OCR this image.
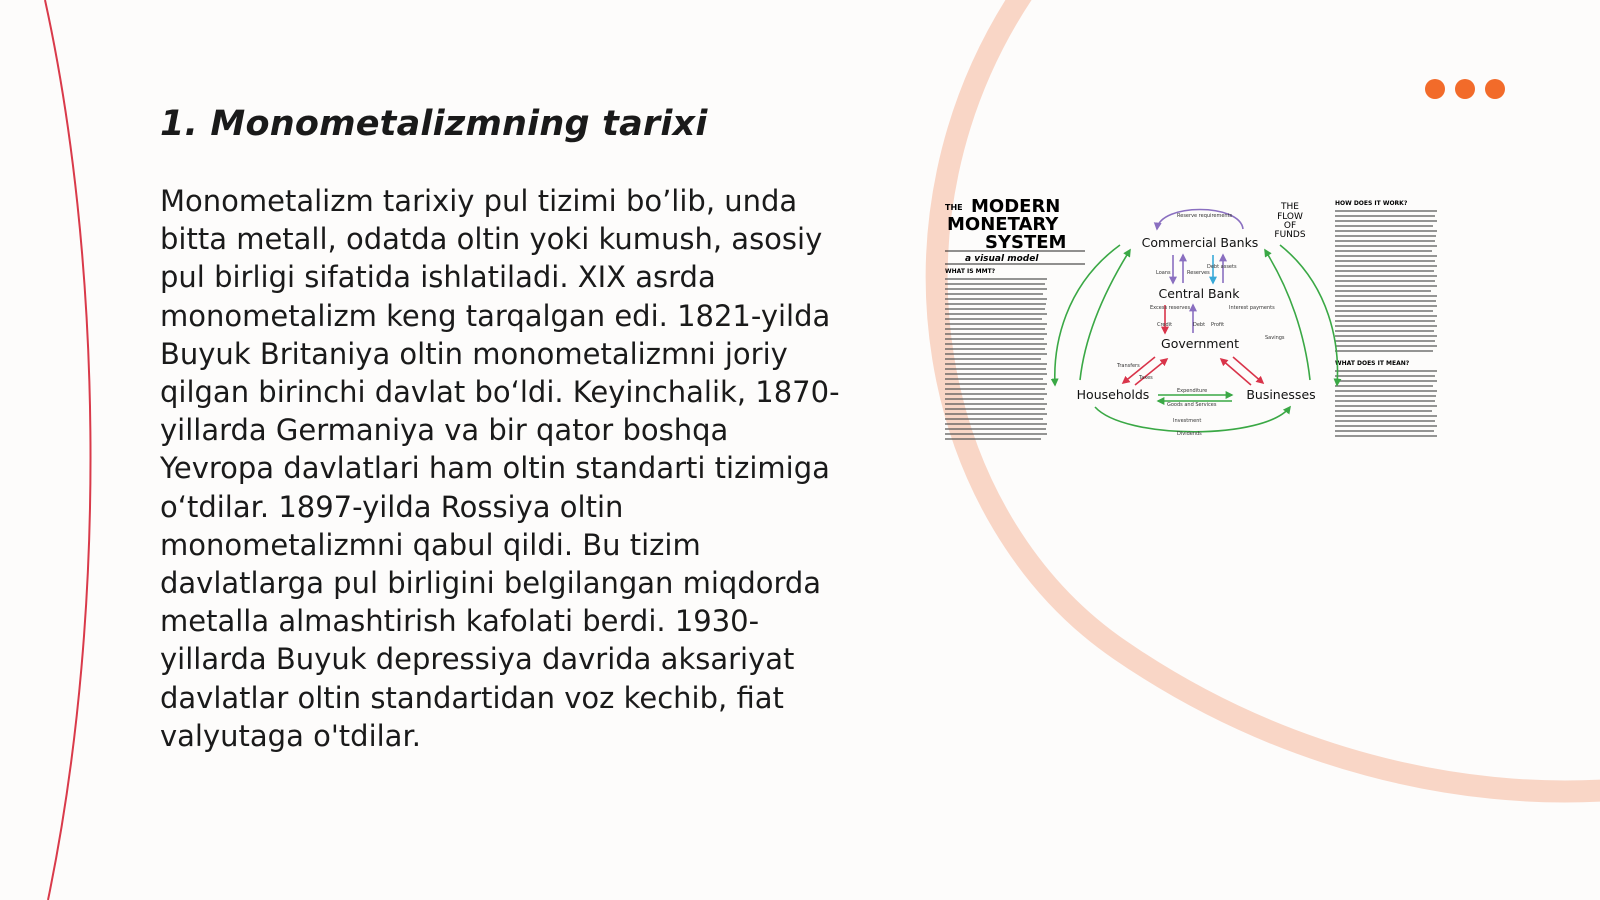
1. Monometalizmning tarixi

Monometalizm tarixiy pul tizimi bo’lib, unda bitta metall, odatda oltin yoki kumush, asosiy pul birligi sifatida ishlatiladi. XIX asrda monometalizm keng tarqalgan edi. 1821-yilda Buyuk Britaniya oltin monometalizmni joriy qilgan birinchi davlat bo‘ldi. Keyinchalik, 1870-yillarda Germaniya va bir qator boshqa Yevropa davlatlari ham oltin standarti tizimiga o‘tdilar. 1897-yilda Rossiya oltin monometalizmni qabul qildi. Bu tizim davlatlarga pul birligini belgilangan miqdorda metalla almashtirish kafolati berdi. 1930-yillarda Buyuk depressiya davrida aksariyat davlatlar oltin standartidan voz kechib, fiat valyutaga o'tdilar.

THE MODERN
MONETARY
SYSTEM
a visual model
WHAT IS MMT?
THE
FLOW
OF
FUNDS
HOW DOES IT WORK?
WHAT DOES IT MEAN?
Reserve requirements
Loans	Reserves
Debt assets
Excess reserves	Interest payments
Credit	Debt Profit
Savings
Transfers
Taxes
Expenditure
Goods and Services
Investment
Dividends
Commercial Banks
Central Bank
Government
Households	Businesses
